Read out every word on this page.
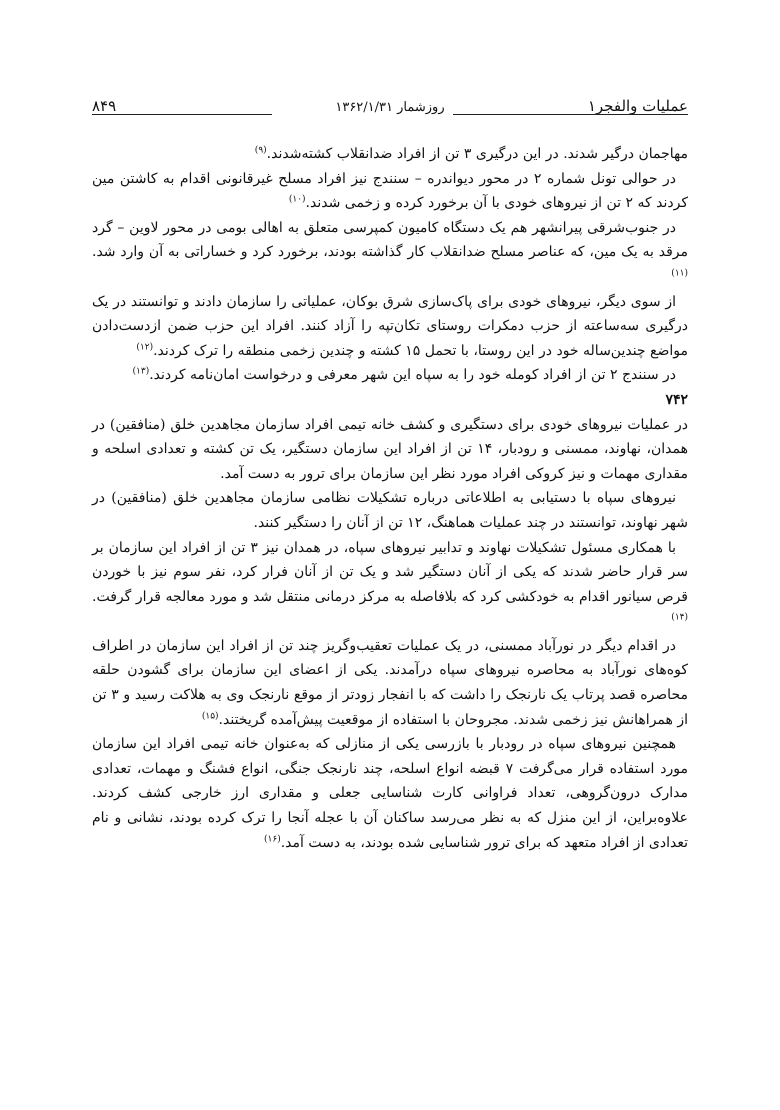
عملیات والفجر۱
روزشمار ۱۳۶۲/۱/۳۱
۸۴۹

مهاجمان درگیر شدند. در این درگیری ۳ تن از افراد ضدانقلاب کشته‌شدند.$^{(۹)}$

در حوالی تونل شماره ۲ در محور دیواندره – سنندج نیز افراد مسلح غیرقانونی اقدام به کاشتن مین کردند که ۲ تن از نیروهای خودی با آن برخورد کرده و زخمی شدند.$^{(۱۰)}$

در جنوب‌شرقی پیرانشهر هم یک دستگاه کامیون کمپرسی متعلق به اهالی بومی در محور لاوین – گرد مرقد به یک مین، که عناصر مسلح ضدانقلاب کار گذاشته بودند، برخورد کرد و خساراتی به آن وارد شد.$^{(۱۱)}$

از سوی دیگر، نیروهای خودی برای پاک‌سازی شرق بوکان، عملیاتی را سازمان دادند و توانستند در یک درگیری سه‌ساعته از حزب دمکرات روستای تکان‌تپه را آزاد کنند. افراد این حزب ضمن ازدست‌دادن مواضع چندین‌ساله خود در این روستا، با تحمل ۱۵ کشته و چندین زخمی منطقه را ترک کردند.$^{(۱۲)}$

در سنندج ۲ تن از افراد کومله خود را به سپاه این شهر معرفی و درخواست امان‌نامه کردند.$^{(۱۳)}$

۷۴۲

در عملیات نیروهای خودی برای دستگیری و کشف خانه تیمی افراد سازمان مجاهدین خلق (منافقین) در همدان، نهاوند، ممسنی و رودبار، ۱۴ تن از افراد این سازمان دستگیر، یک تن کشته و تعدادی اسلحه و مقداری مهمات و نیز کروکی افراد مورد نظر این سازمان برای ترور به دست آمد.

نیروهای سپاه با دستیابی به اطلاعاتی درباره تشکیلات نظامی سازمان مجاهدین خلق (منافقین) در شهر نهاوند، توانستند در چند عملیات هماهنگ، ۱۲ تن از آنان را دستگیر کنند.

با همکاری مسئول تشکیلات نهاوند و تدابیر نیروهای سپاه، در همدان نیز ۳ تن از افراد این سازمان بر سر قرار حاضر شدند که یکی از آنان دستگیر شد و یک تن از آنان فرار کرد، نفر سوم نیز با خوردن قرص سیانور اقدام به خودکشی کرد که بلافاصله به مرکز درمانی منتقل شد و مورد معالجه قرار گرفت.$^{(۱۴)}$

در اقدام دیگر در نورآباد ممسنی، در یک عملیات تعقیب‌وگریز چند تن از افراد این سازمان در اطراف کوه‌های نورآباد به محاصره نیروهای سپاه درآمدند. یکی از اعضای این سازمان برای گشودن حلقه محاصره قصد پرتاب یک نارنجک را داشت که با انفجار زودتر از موقع نارنجک وی به هلاکت رسید و ۳ تن از همراهانش نیز زخمی شدند. مجروحان با استفاده از موقعیت پیش‌آمده گریختند.$^{(۱۵)}$

همچنین نیروهای سپاه در رودبار با بازرسی یکی از منازلی که به‌عنوان خانه تیمی افراد این سازمان مورد استفاده قرار می‌گرفت ۷ قبضه انواع اسلحه، چند نارنجک جنگی، انواع فشنگ و مهمات، تعدادی مدارک درون‌گروهی، تعداد فراوانی کارت شناسایی جعلی و مقداری ارز خارجی کشف کردند. علاوه‌براین، از این منزل که به نظر می‌رسد ساکنان آن با عجله آنجا را ترک کرده بودند، نشانی و نام تعدادی از افراد متعهد که برای ترور شناسایی شده بودند، به دست آمد.$^{(۱۶)}$
